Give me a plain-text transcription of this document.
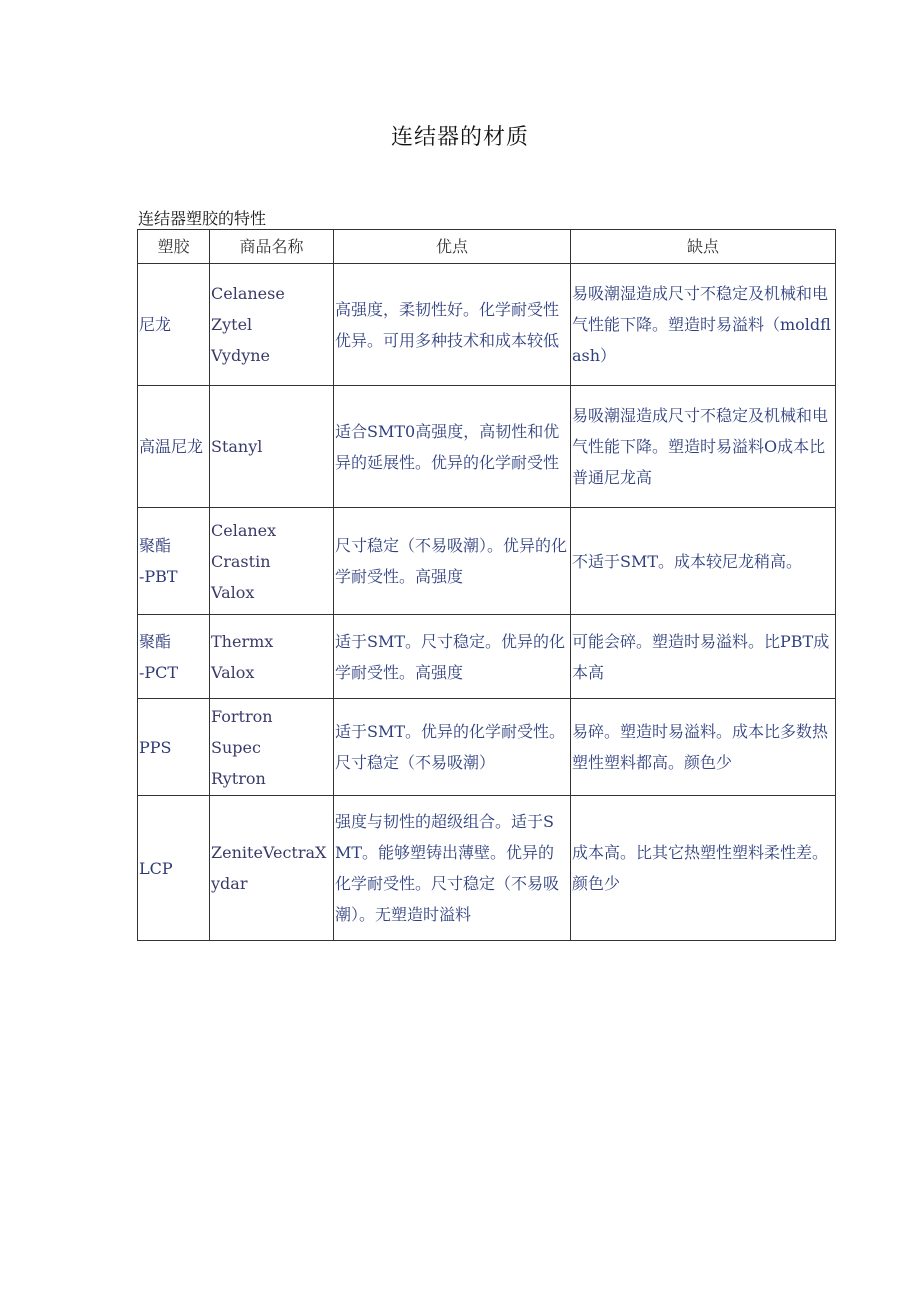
连结器的材质
连结器塑胶的特性
塑胶	商品名称	优点	缺点

尼龙	Celanese
Zytel
Vydyne	高强度，柔韧性好。化学耐受性优异。可用多种技术和成本较低	易吸潮湿造成尺寸不稳定及机械和电气性能下降。塑造时易溢料（moldflash）

高温尼龙	Stanyl	适合SMT0高强度，高韧性和优异的延展性。优异的化学耐受性	易吸潮湿造成尺寸不稳定及机械和电气性能下降。塑造时易溢料O成本比普通尼龙高

聚酯
-PBT	Celanex
Crastin
Valox	尺寸稳定（不易吸潮）。优异的化学耐受性。高强度	不适于SMT。成本较尼龙稍高。

聚酯
-PCT	Thermx
Valox	适于SMT。尺寸稳定。优异的化学耐受性。高强度	可能会碎。塑造时易溢料。比PBT成本高

PPS	Fortron
Supec
Rytron	适于SMT。优异的化学耐受性。尺寸稳定（不易吸潮）	易碎。塑造时易溢料。成本比多数热塑性塑料都高。颜色少

LCP	ZeniteVectraXydar	强度与韧性的超级组合。适于SMT。能够塑铸出薄壁。优异的化学耐受性。尺寸稳定（不易吸潮）。无塑造时溢料	成本高。比其它热塑性塑料柔性差。颜色少
